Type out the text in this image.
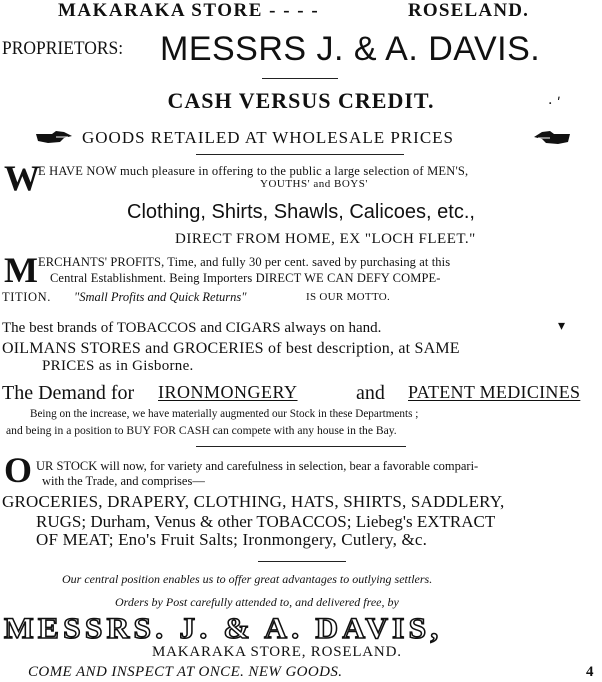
MAKARAKA STORE - - - -	ROSELAND.
PROPRIETORS: MESSRS J. & A. DAVIS.
CASH VERSUS CREDIT.	· ʹ
GOODS RETAILED AT WHOLESALE PRICES
W
E HAVE NOW much pleasure in offering to the public a large selection of MEN'S,
YOUTHS' and BOYS'
Clothing, Shirts, Shawls, Calicoes, etc.,
DIRECT FROM HOME, EX "LOCH FLEET."
M ERCHANTS' PROFITS, Time, and fully 30 per cent. saved by purchasing at this
Central Establishment. Being Importers DIRECT WE CAN DEFY COMPE-
TITION. "Small Profits and Quick Returns"	IS OUR MOTTO.
The best brands of TOBACCOS and CIGARS always on hand.	▾
OILMANS STORES and GROCERIES of best description, at SAME
PRICES as in Gisborne.
The Demand for IRONMONGERY	and PATENT MEDICINES
Being on the increase, we have materially augmented our Stock in these Departments ;
and being in a position to BUY FOR CASH can compete with any house in the Bay.
O UR STOCK will now, for variety and carefulness in selection, bear a favorable compari-
with the Trade, and comprises—
GROCERIES, DRAPERY, CLOTHING, HATS, SHIRTS, SADDLERY,
RUGS; Durham, Venus & other TOBACCOS; Liebeg's EXTRACT
OF MEAT; Eno's Fruit Salts; Ironmongery, Cutlery, &c.
Our central position enables us to offer great advantages to outlying settlers.
Orders by Post carefully attended to, and delivered free, by
MESSRS. J. & A. DAVIS,
MAKARAKA STORE, ROSELAND.
COME AND INSPECT AT ONCE. NEW GOODS.	4
